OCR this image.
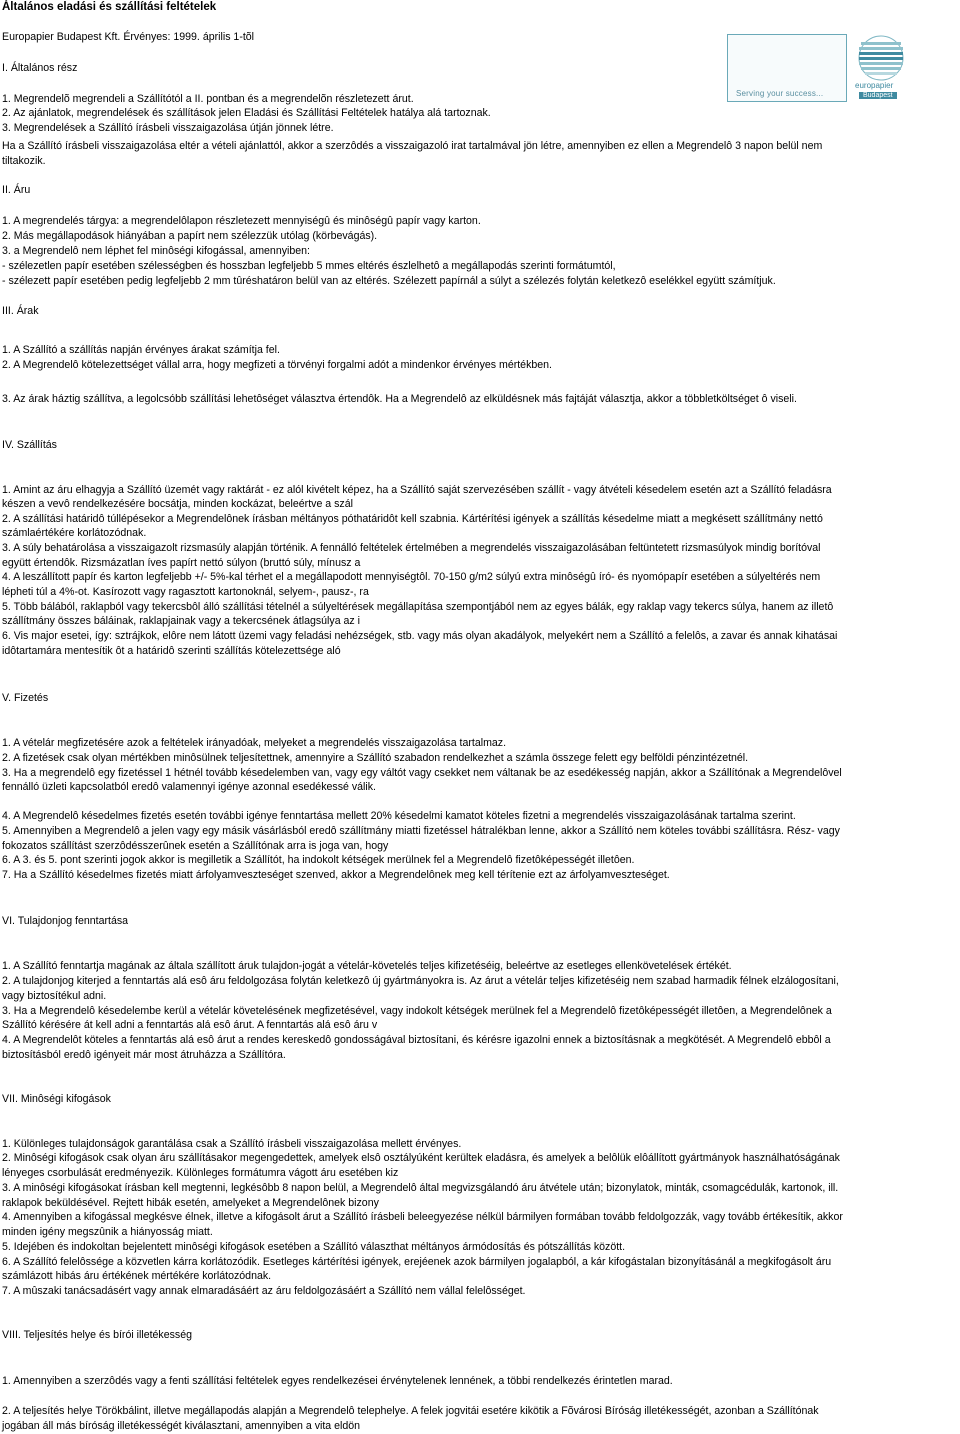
Általános eladási és szállítási feltételek
Europapier Budapest Kft. Érvényes: 1999. április 1-tõl
I. Általános rész
1. Megrendelõ megrendeli a Szállítótól a II. pontban és a megrendelõn részletezett árut.
2. Az ajánlatok, megrendelések és szállítások jelen Eladási és Szállítási Feltételek hatálya alá tartoznak.
3. Megrendelések a Szállító írásbeli visszaigazolása útján jönnek létre.
Ha a Szállító írásbeli visszaigazolása eltér a vételi ajánlattól, akkor a szerzôdés a visszaigazoló irat tartalmával jön létre, amennyiben ez ellen a Megrendelô 3 napon belül nem
tiltakozik.
II. Áru
1. A megrendelés tárgya: a megrendelôlapon részletezett mennyiségû és minôségû papír vagy karton.
2. Más megállapodások hiányában a papírt nem szélezzük utólag (körbevágás).
3. a Megrendelô nem léphet fel minôségi kifogással, amennyiben:
- szélezetlen papír esetében szélességben és hosszban legfeljebb 5 mmes eltérés észlelhetô a megállapodás szerinti formátumtól,
- szélezett papír esetében pedig legfeljebb 2 mm tûréshatáron belül van az eltérés. Szélezett papírnál a súlyt a szélezés folytán keletkezô eselékkel együtt számítjuk.
III. Árak
1. A Szállító a szállítás napján érvényes árakat számítja fel.
2. A Megrendelô kötelezettséget vállal arra, hogy megfizeti a törvényi forgalmi adót a mindenkor érvényes mértékben.
3. Az árak háztig szállítva, a legolcsóbb szállítási lehetôséget választva értendôk. Ha a Megrendelô az elküldésnek más fajtáját választja, akkor a többletköltséget ô viseli.
IV. Szállítás
1. Amint az áru elhagyja a Szállító üzemét vagy raktárát - ez alól kivételt képez, ha a Szállító saját szervezésében szállít - vagy átvételi késedelem esetén azt a Szállító feladásra
készen a vevô rendelkezésére bocsátja, minden kockázat, beleértve a szál
2. A szállítási határidô túllépésekor a Megrendelônek írásban méltányos póthatáridôt kell szabnia. Kártérítési igények a szállítás késedelme miatt a megkésett szállítmány nettó
számlaértékére korlátozódnak.
3. A súly behatárolása a visszaigazolt rizsmasúly alapján történik. A fennálló feltételek értelmében a megrendelés visszaigazolásában feltüntetett rizsmasúlyok mindig borítóval
együtt értendôk. Rizsmázatlan íves papírt nettó súlyon (bruttó súly, mínusz a
4. A leszállított papír és karton legfeljebb +/- 5%-kal térhet el a megállapodott mennyiségtôl. 70-150 g/m2 súlyú extra minôségû író- és nyomópapír esetében a súlyeltérés nem
lépheti túl a 4%-ot. Kasírozott vagy ragasztott kartonoknál, selyem-, pausz-, ra
5. Több bálából, raklapból vagy tekercsbôl álló szállítási tételnél a súlyeltérések megállapítása szempontjából nem az egyes bálák, egy raklap vagy tekercs súlya, hanem az illetô
szállítmány összes báláinak, raklapjainak vagy a tekercsének átlagsúlya az i
6. Vis major esetei, így: sztrájkok, elôre nem látott üzemi vagy feladási nehézségek, stb. vagy más olyan akadályok, melyekért nem a Szállító a felelôs, a zavar és annak kihatásai
idôtartamára mentesítik ôt a határidô szerinti szállítás kötelezettsége aló
V. Fizetés
1. A vételár megfizetésére azok a feltételek irányadóak, melyeket a megrendelés visszaigazolása tartalmaz.
2. A fizetések csak olyan mértékben minôsülnek teljesítettnek, amennyire a Szállító szabadon rendelkezhet a számla összege felett egy belföldi pénzintézetnél.
3. Ha a megrendelô egy fizetéssel 1 hétnél tovább késedelemben van, vagy egy váltót vagy csekket nem váltanak be az esedékesség napján, akkor a Szállítónak a Megrendelôvel
fennálló üzleti kapcsolatból eredô valamennyi igénye azonnal esedékessé válik.
4. A Megrendelô késedelmes fizetés esetén további igénye fenntartása mellett 20% késedelmi kamatot köteles fizetni a megrendelés visszaigazolásának tartalma szerint.
5. Amennyiben a Megrendelô a jelen vagy egy másik vásárlásból eredô szállítmány miatti fizetéssel hátralékban lenne, akkor a Szállító nem köteles további szállításra. Rész- vagy
fokozatos szállítást szerzôdésszerûnek esetén a Szállítónak arra is joga van, hogy
6. A 3. és 5. pont szerinti jogok akkor is megilletik a Szállítót, ha indokolt kétségek merülnek fel a Megrendelô fizetôképességét illetôen.
7. Ha a Szállító késedelmes fizetés miatt árfolyamveszteséget szenved, akkor a Megrendelônek meg kell térítenie ezt az árfolyamveszteséget.
VI. Tulajdonjog fenntartása
1. A Szállító fenntartja magának az általa szállított áruk tulajdon-jogát a vételár-követelés teljes kifizetéséig, beleértve az esetleges ellenkövetelések értékét.
2. A tulajdonjog kiterjed a fenntartás alá esô áru feldolgozása folytán keletkezô új gyártmányokra is. Az árut a vételár teljes kifizetéséig nem szabad harmadik félnek elzálogosítani,
vagy biztosítékul adni.
3. Ha a Megrendelô késedelembe kerül a vételár követelésének megfizetésével, vagy indokolt kétségek merülnek fel a Megrendelô fizetôképességét illetôen, a Megrendelônek a
Szállító kérésére át kell adni a fenntartás alá esô árut. A fenntartás alá esô áru v
4. A Megrendelôt köteles a fenntartás alá esô árut a rendes kereskedô gondosságával biztosítani, és kérésre igazolni ennek a biztosításnak a megkötését. A Megrendelô ebbôl a
biztosításból eredô igényeit már most átruházza a Szállítóra.
VII. Minôségi kifogások
1. Különleges tulajdonságok garantálása csak a Szállító írásbeli visszaigazolása mellett érvényes.
2. Minôségi kifogások csak olyan áru szállításakor megengedettek, amelyek elsô osztályúként kerültek eladásra, és amelyek a belôlük elôállított gyártmányok használhatóságának
lényeges csorbulását eredményezik. Különleges formátumra vágott áru esetében kiz
3. A minôségi kifogásokat írásban kell megtenni, legkésôbb 8 napon belül, a Megrendelô által megvizsgálandó áru átvétele után; bizonylatok, minták, csomagcédulák, kartonok, ill.
raklapok beküldésével. Rejtett hibák esetén, amelyeket a Megrendelônek bizony
4. Amennyiben a kifogással megkésve élnek, illetve a kifogásolt árut a Szállító írásbeli beleegyezése nélkül bármilyen formában tovább feldolgozzák, vagy tovább értékesítik, akkor
minden igény megszûnik a hiányosság miatt.
5. Idejében és indokoltan bejelentett minôségi kifogások esetében a Szállító választhat méltányos ármódosítás és pótszállítás között.
6. A Szállító felelôssége a közvetlen kárra korlátozódik. Esetleges kártérítési igények, erejéenek azok bármilyen jogalapból, a kár kifogástalan bizonyításánál a megkifogásolt áru
számlázott hibás áru értékének mértékére korlátozódnak.
7. A mûszaki tanácsadásért vagy annak elmaradásáért az áru feldolgozásáért a Szállító nem vállal felelôsséget.
VIII. Teljesítés helye és bírói illetékesség
1. Amennyiben a szerzôdés vagy a fenti szállítási feltételek egyes rendelkezései érvénytelenek lennének, a többi rendelkezés érintetlen marad.
2. A teljesítés helye Törökbálint, illetve megállapodás alapján a Megrendelô telephelye. A felek jogvitái esetére kikötik a Fõvárosi Bíróság illetékességét, azonban a Szállítónak
jogában áll más bíróság illetékességét kiválasztani, amennyiben a vita eldön
Serving your success...
europapier
Budapest
